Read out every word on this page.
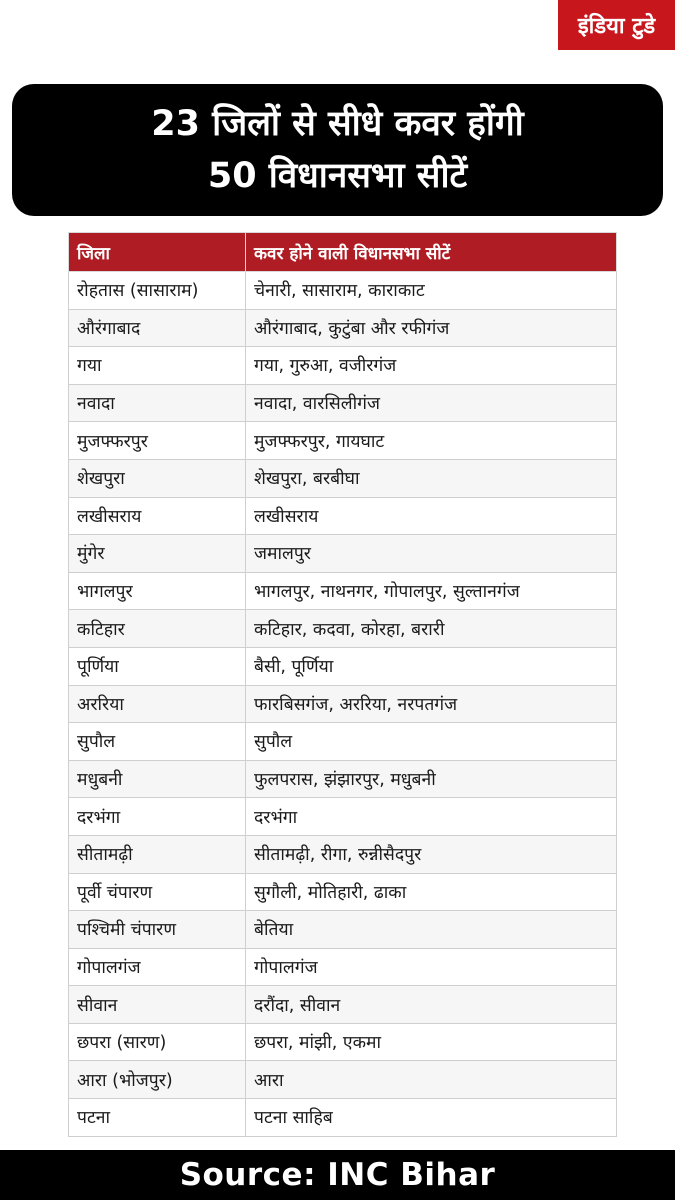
इंडिया टुडे
23 जिलों से सीधे कवर होंगी
50 विधानसभा सीटें
जिला	कवर होने वाली विधानसभा सीटें
रोहतास (सासाराम)	चेनारी, सासाराम, काराकाट
औरंगाबाद	औरंगाबाद, कुटुंबा और रफीगंज
गया	गया, गुरुआ, वजीरगंज
नवादा	नवादा, वारसिलीगंज
मुजफ्फरपुर	मुजफ्फरपुर, गायघाट
शेखपुरा	शेखपुरा, बरबीघा
लखीसराय	लखीसराय
मुंगेर	जमालपुर
भागलपुर	भागलपुर, नाथनगर, गोपालपुर, सुल्तानगंज
कटिहार	कटिहार, कदवा, कोरहा, बरारी
पूर्णिया	बैसी, पूर्णिया
अररिया	फारबिसगंज, अररिया, नरपतगंज
सुपौल	सुपौल
मधुबनी	फुलपरास, झंझारपुर, मधुबनी
दरभंगा	दरभंगा
सीतामढ़ी	सीतामढ़ी, रीगा, रुन्नीसैदपुर
पूर्वी चंपारण	सुगौली, मोतिहारी, ढाका
पश्चिमी चंपारण	बेतिया
गोपालगंज	गोपालगंज
सीवान	दरौंदा, सीवान
छपरा (सारण)	छपरा, मांझी, एकमा
आरा (भोजपुर)	आरा
पटना	पटना साहिब
Source: INC Bihar
